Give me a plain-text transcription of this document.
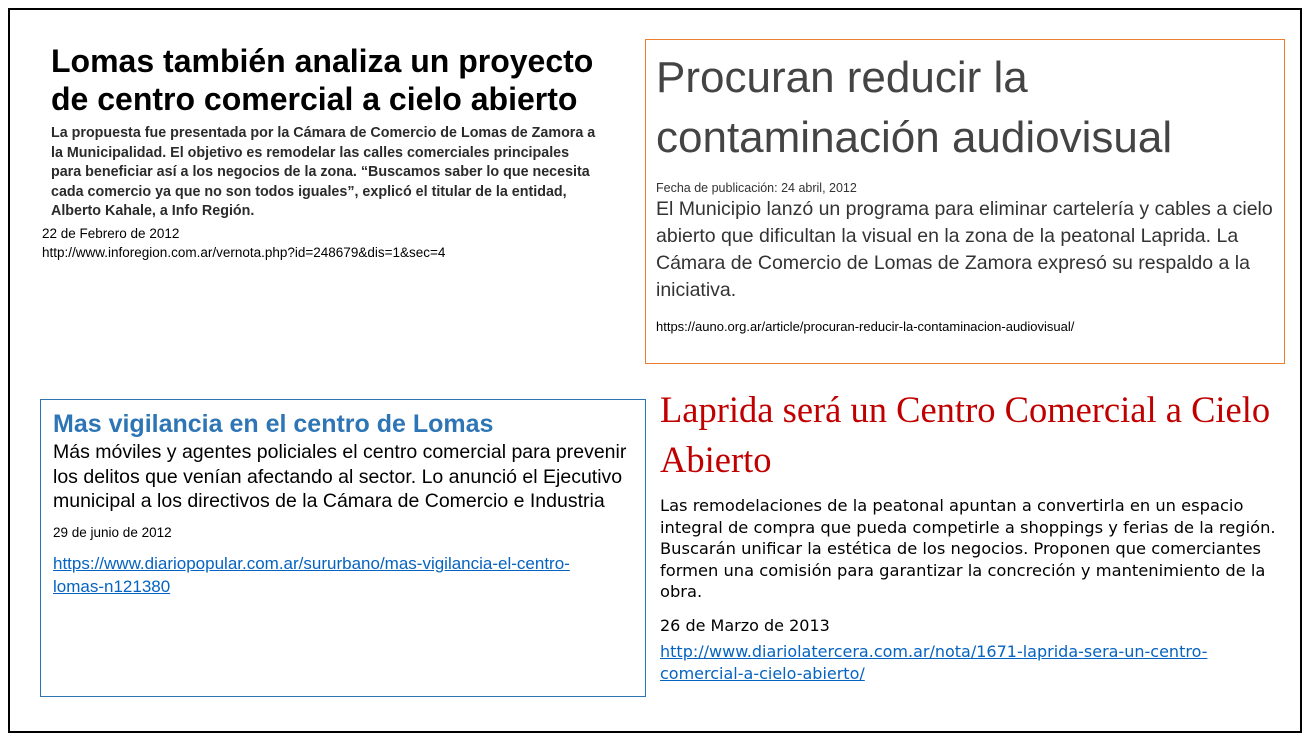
Lomas también analiza un proyecto de centro comercial a cielo abierto

La propuesta fue presentada por la Cámara de Comercio de Lomas de Zamora a la Municipalidad. El objetivo es remodelar las calles comerciales principales para beneficiar así a los negocios de la zona. “Buscamos saber lo que necesita cada comercio ya que no son todos iguales”, explicó el titular de la entidad, Alberto Kahale, a Info Región.

22 de Febrero de 2012

http://www.inforegion.com.ar/vernota.php?id=248679&dis=1&sec=4

Procuran reducir la contaminación audiovisual

Fecha de publicación: 24 abril, 2012

El Municipio lanzó un programa para eliminar cartelería y cables a cielo abierto que dificultan la visual en la zona de la peatonal Laprida. La Cámara de Comercio de Lomas de Zamora expresó su respaldo a la iniciativa.

https://auno.org.ar/article/procuran-reducir-la-contaminacion-audiovisual/

Mas vigilancia en el centro de Lomas

Más móviles y agentes policiales el centro comercial para prevenir los delitos que venían afectando al sector. Lo anunció el Ejecutivo municipal a los directivos de la Cámara de Comercio e Industria

29 de junio de 2012

https://www.diariopopular.com.ar/sururbano/mas-vigilancia-el-centro-lomas-n121380
Laprida será un Centro Comercial a Cielo Abierto

Las remodelaciones de la peatonal apuntan a convertirla en un espacio integral de compra que pueda competirle a shoppings y ferias de la región. Buscarán unificar la estética de los negocios. Proponen que comerciantes formen una comisión para garantizar la concreción y mantenimiento de la obra.

26 de Marzo de 2013

http://www.diariolatercera.com.ar/nota/1671-laprida-sera-un-centro-comercial-a-cielo-abierto/
